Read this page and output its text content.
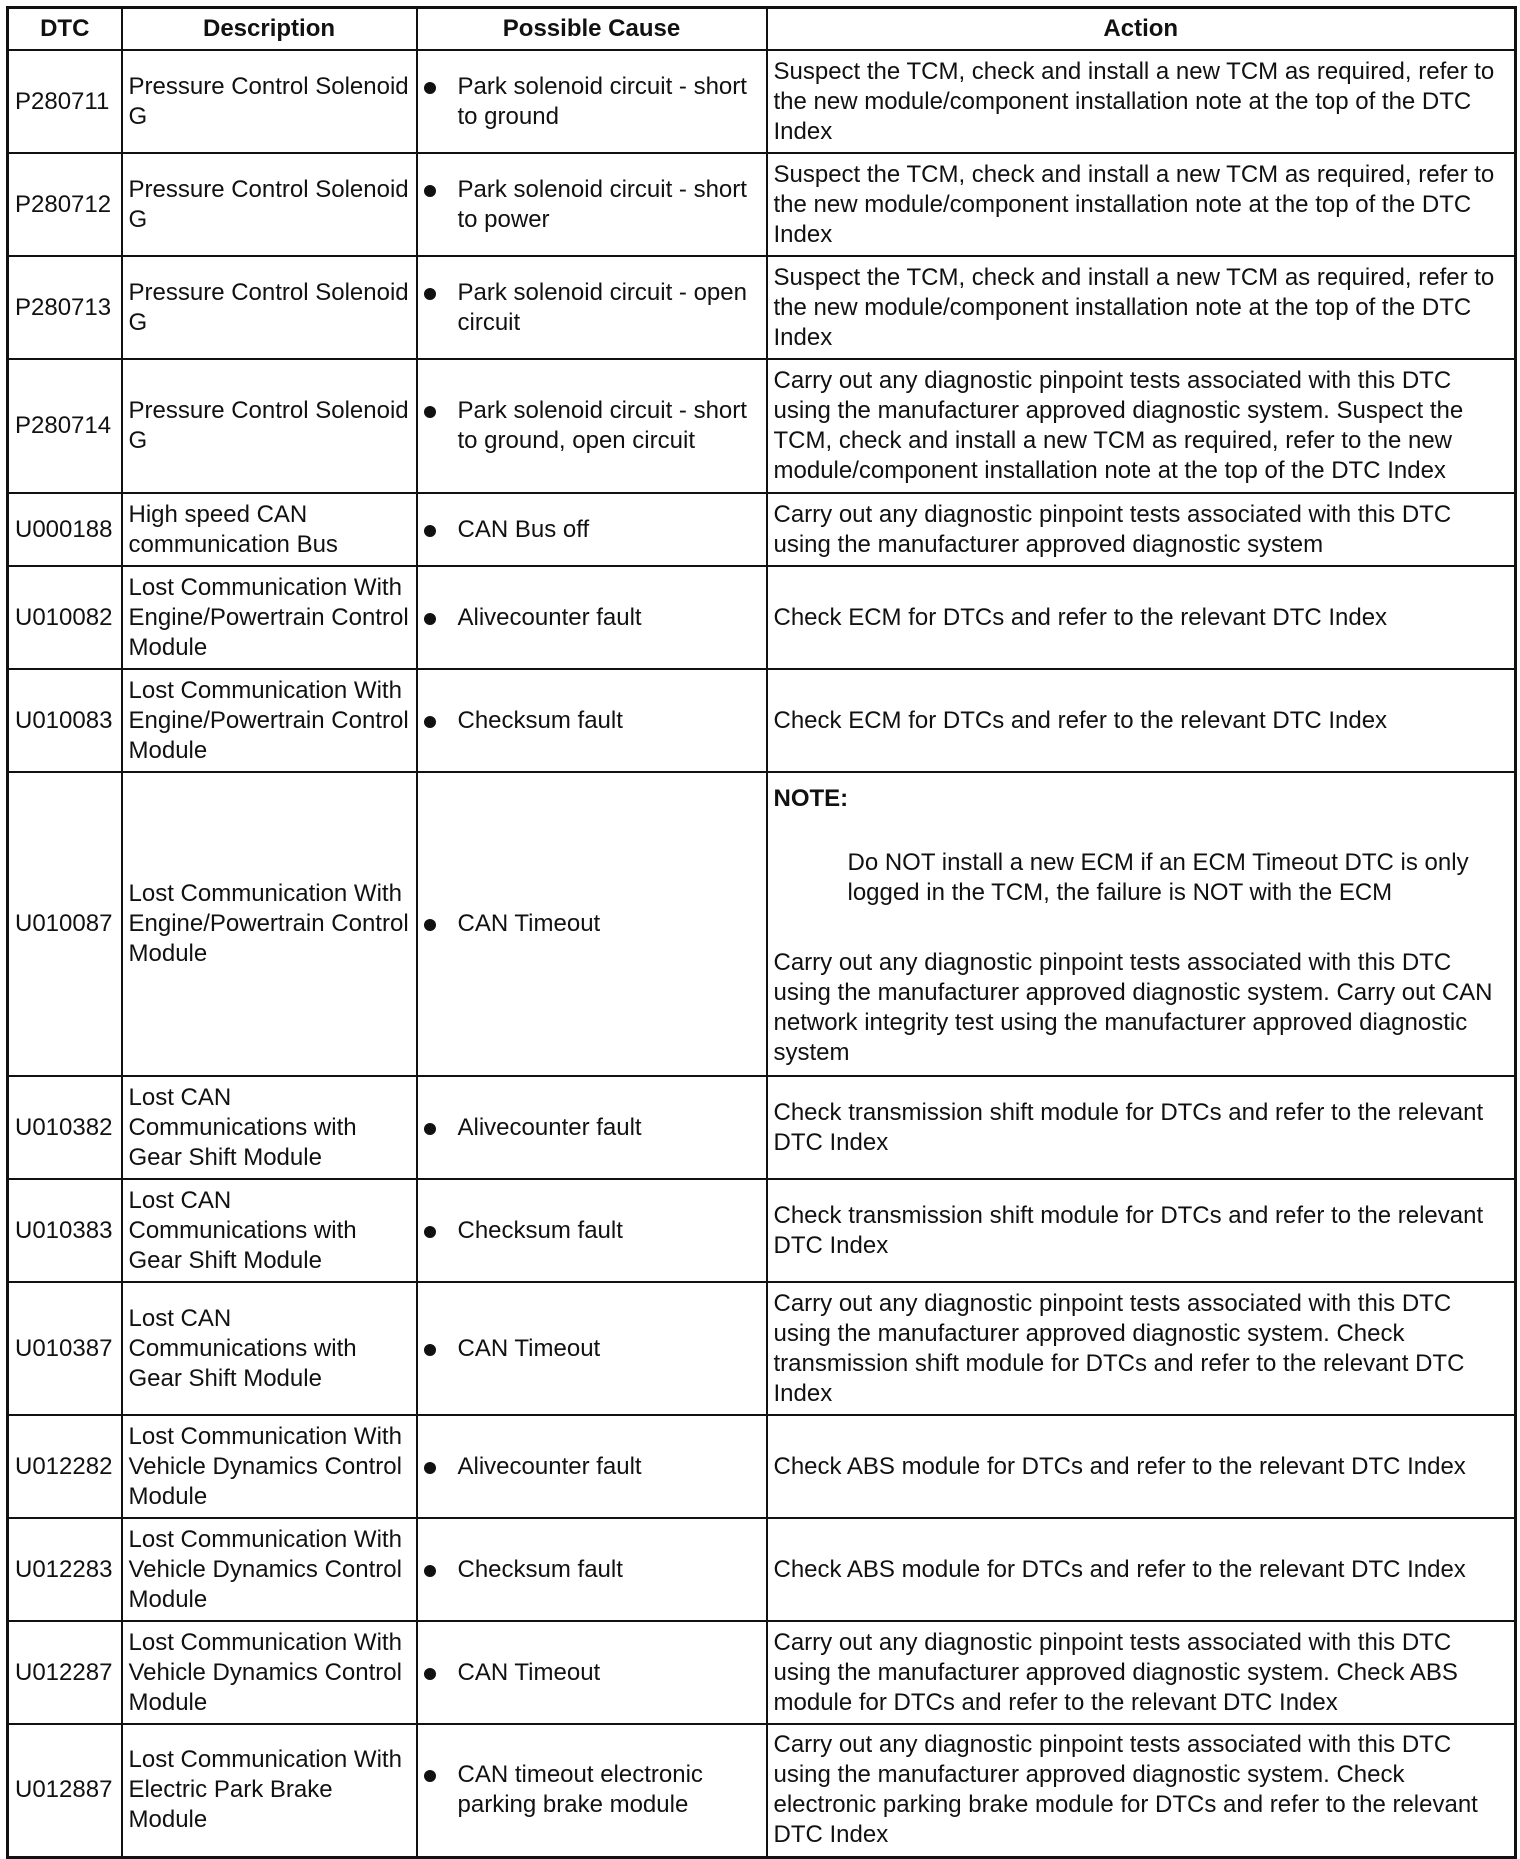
DTC	Description	Possible Cause	Action
P280711	Pressure Control Solenoid G	Park solenoid circuit - short to ground	Suspect the TCM, check and install a new TCM as required, refer to the new module/component installation note at the top of the DTC Index
P280712	Pressure Control Solenoid G	Park solenoid circuit - short to power	Suspect the TCM, check and install a new TCM as required, refer to the new module/component installation note at the top of the DTC Index
P280713	Pressure Control Solenoid G	Park solenoid circuit - open circuit	Suspect the TCM, check and install a new TCM as required, refer to the new module/component installation note at the top of the DTC Index
P280714	Pressure Control Solenoid G	Park solenoid circuit - short to ground, open circuit	Carry out any diagnostic pinpoint tests associated with this DTC using the manufacturer approved diagnostic system. Suspect the TCM, check and install a new TCM as required, refer to the new module/component installation note at the top of the DTC Index
U000188	High speed CAN communication Bus	CAN Bus off	Carry out any diagnostic pinpoint tests associated with this DTC using the manufacturer approved diagnostic system
U010082	Lost Communication With Engine/Powertrain Control Module	Alivecounter fault	Check ECM for DTCs and refer to the relevant DTC Index
U010083	Lost Communication With Engine/Powertrain Control Module	Checksum fault	Check ECM for DTCs and refer to the relevant DTC Index
U010087	Lost Communication With Engine/Powertrain Control Module	CAN Timeout	NOTE:
Do NOT install a new ECM if an ECM Timeout DTC is only logged in the TCM, the failure is NOT with the ECM
Carry out any diagnostic pinpoint tests associated with this DTC using the manufacturer approved diagnostic system. Carry out CAN network integrity test using the manufacturer approved diagnostic system

U010382	Lost CAN Communications with Gear Shift Module	Alivecounter fault	Check transmission shift module for DTCs and refer to the relevant DTC Index
U010383	Lost CAN Communications with Gear Shift Module	Checksum fault	Check transmission shift module for DTCs and refer to the relevant DTC Index
U010387	Lost CAN Communications with Gear Shift Module	CAN Timeout	Carry out any diagnostic pinpoint tests associated with this DTC using the manufacturer approved diagnostic system. Check transmission shift module for DTCs and refer to the relevant DTC Index
U012282	Lost Communication With Vehicle Dynamics Control Module	Alivecounter fault	Check ABS module for DTCs and refer to the relevant DTC Index
U012283	Lost Communication With Vehicle Dynamics Control Module	Checksum fault	Check ABS module for DTCs and refer to the relevant DTC Index
U012287	Lost Communication With Vehicle Dynamics Control Module	CAN Timeout	Carry out any diagnostic pinpoint tests associated with this DTC using the manufacturer approved diagnostic system. Check ABS module for DTCs and refer to the relevant DTC Index
U012887	Lost Communication With Electric Park Brake Module	CAN timeout electronic parking brake module	Carry out any diagnostic pinpoint tests associated with this DTC using the manufacturer approved diagnostic system. Check electronic parking brake module for DTCs and refer to the relevant DTC Index
